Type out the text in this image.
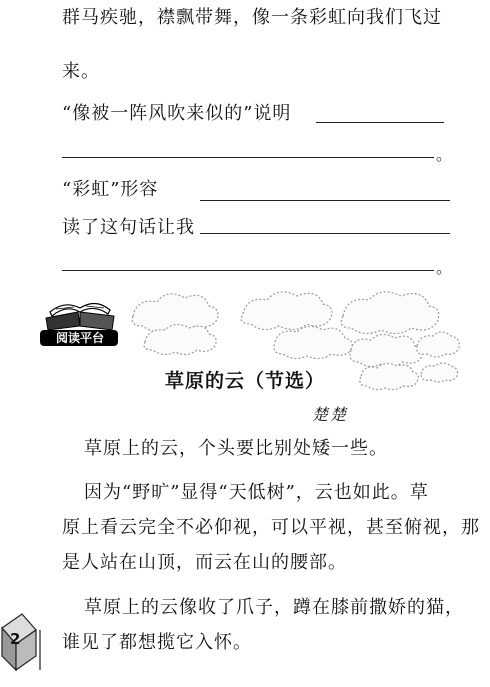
群马疾驰，襟飘带舞，像一条彩虹向我们飞过
来。
“像被一阵风吹来似的”说明
。
“彩虹”形容
读了这句话让我
。
阅读平台
草原的云（节选）
楚楚
草原上的云，个头要比别处矮一些。
因为“野旷”显得“天低树”，云也如此。草
原上看云完全不必仰视，可以平视，甚至俯视，那
是人站在山顶，而云在山的腰部。
草原上的云像收了爪子，蹲在膝前撒娇的猫，
谁见了都想揽它入怀。
2
